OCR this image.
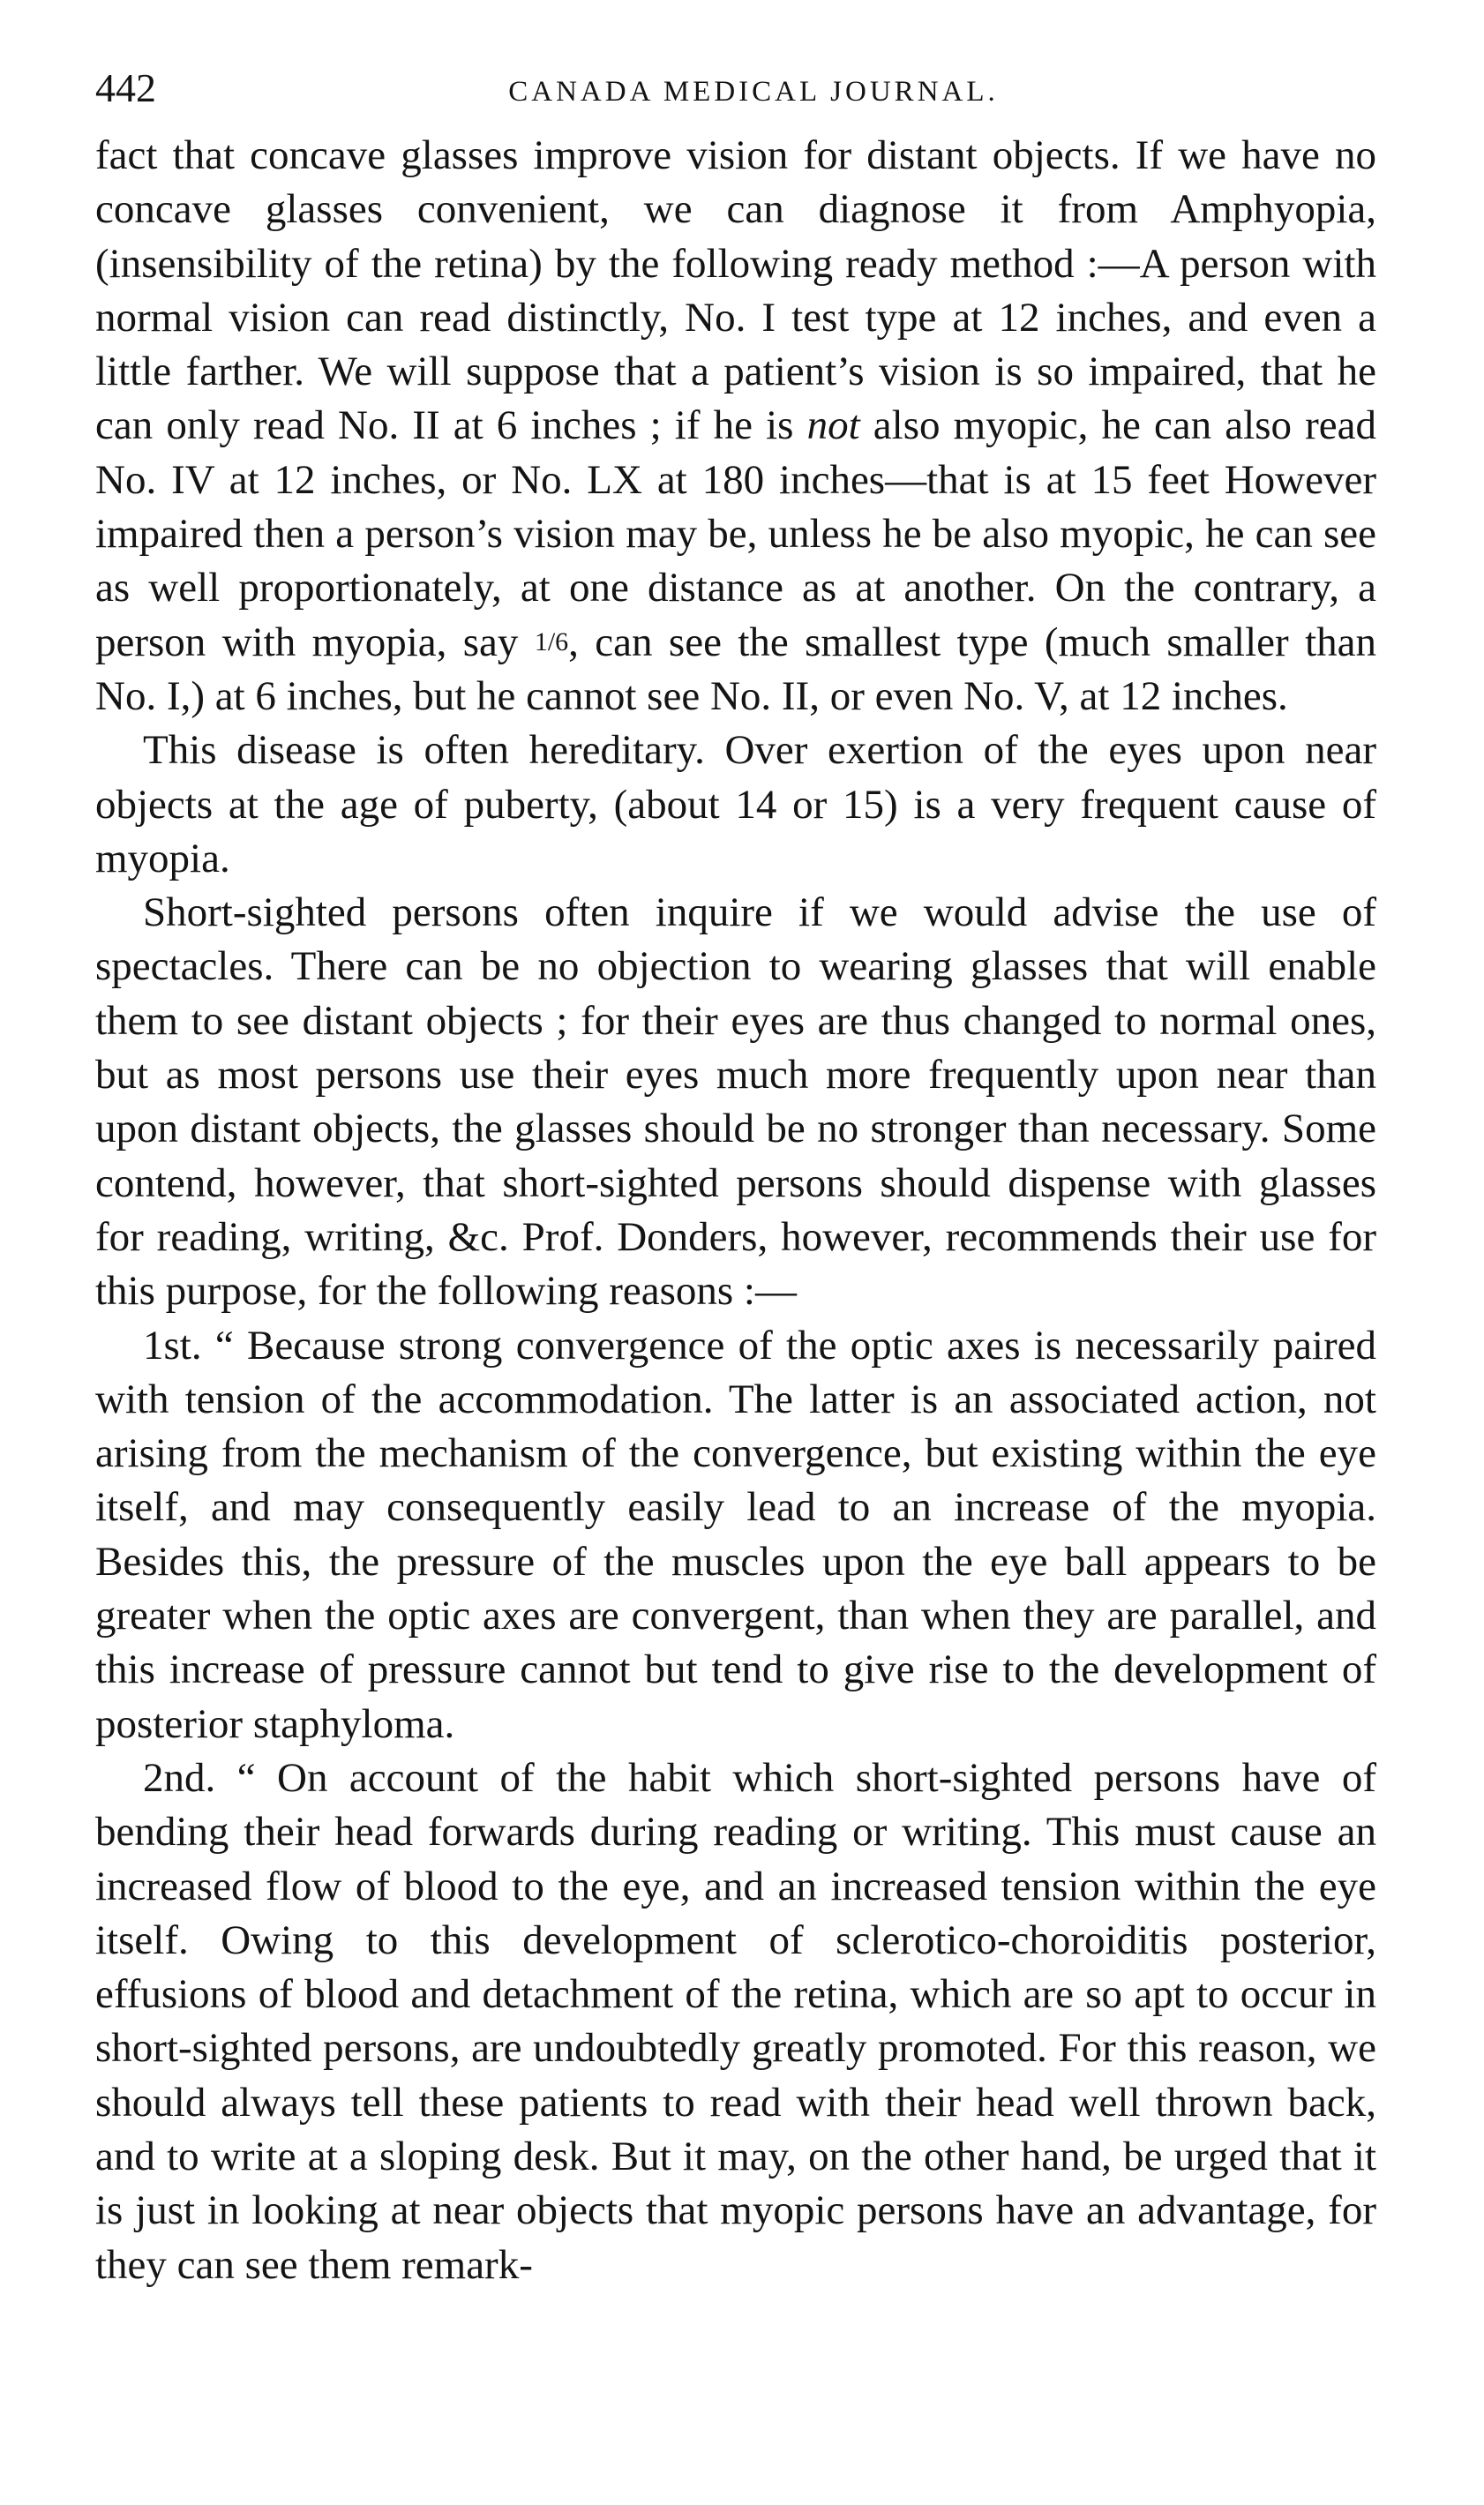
442	CANADA MEDICAL JOURNAL.

fact that concave glasses improve vision for distant objects. If we have no concave glasses convenient, we can diagnose it from Amphyopia, (insensibility of the retina) by the following ready method :—A person with normal vision can read distinctly, No. I test type at 12 inches, and even a little farther. We will suppose that a patient’s vision is so impaired, that he can only read No. II at 6 inches ; if he is not also myopic, he can also read No. IV at 12 inches, or No. LX at 180 inches—that is at 15 feet However impaired then a person’s vision may be, unless he be also myopic, he can see as well proportionately, at one distance as at another. On the contrary, a person with myopia, say 1/6, can see the smallest type (much smaller than No. I,) at 6 inches, but he cannot see No. II, or even No. V, at 12 inches.

This disease is often hereditary. Over exertion of the eyes upon near objects at the age of puberty, (about 14 or 15) is a very frequent cause of myopia.

Short-sighted persons often inquire if we would advise the use of spectacles. There can be no objection to wearing glasses that will enable them to see distant objects ; for their eyes are thus changed to normal ones, but as most persons use their eyes much more frequently upon near than upon distant objects, the glasses should be no stronger than necessary. Some contend, however, that short-sighted persons should dispense with glasses for reading, writing, &c. Prof. Donders, however, recommends their use for this purpose, for the following reasons :—

1st. “ Because strong convergence of the optic axes is necessarily paired with tension of the accommodation. The latter is an associated action, not arising from the mechanism of the convergence, but existing within the eye itself, and may consequently easily lead to an increase of the myopia. Besides this, the pressure of the muscles upon the eye ball appears to be greater when the optic axes are convergent, than when they are parallel, and this increase of pressure cannot but tend to give rise to the development of posterior staphyloma.

2nd. “ On account of the habit which short-sighted persons have of bending their head forwards during reading or writing. This must cause an increased flow of blood to the eye, and an increased tension within the eye itself. Owing to this development of sclerotico-choroiditis posterior, effusions of blood and detachment of the retina, which are so apt to occur in short-sighted persons, are undoubtedly greatly promoted. For this reason, we should always tell these patients to read with their head well thrown back, and to write at a sloping desk. But it may, on the other hand, be urged that it is just in looking at near objects that myopic persons have an advantage, for they can see them remark-
